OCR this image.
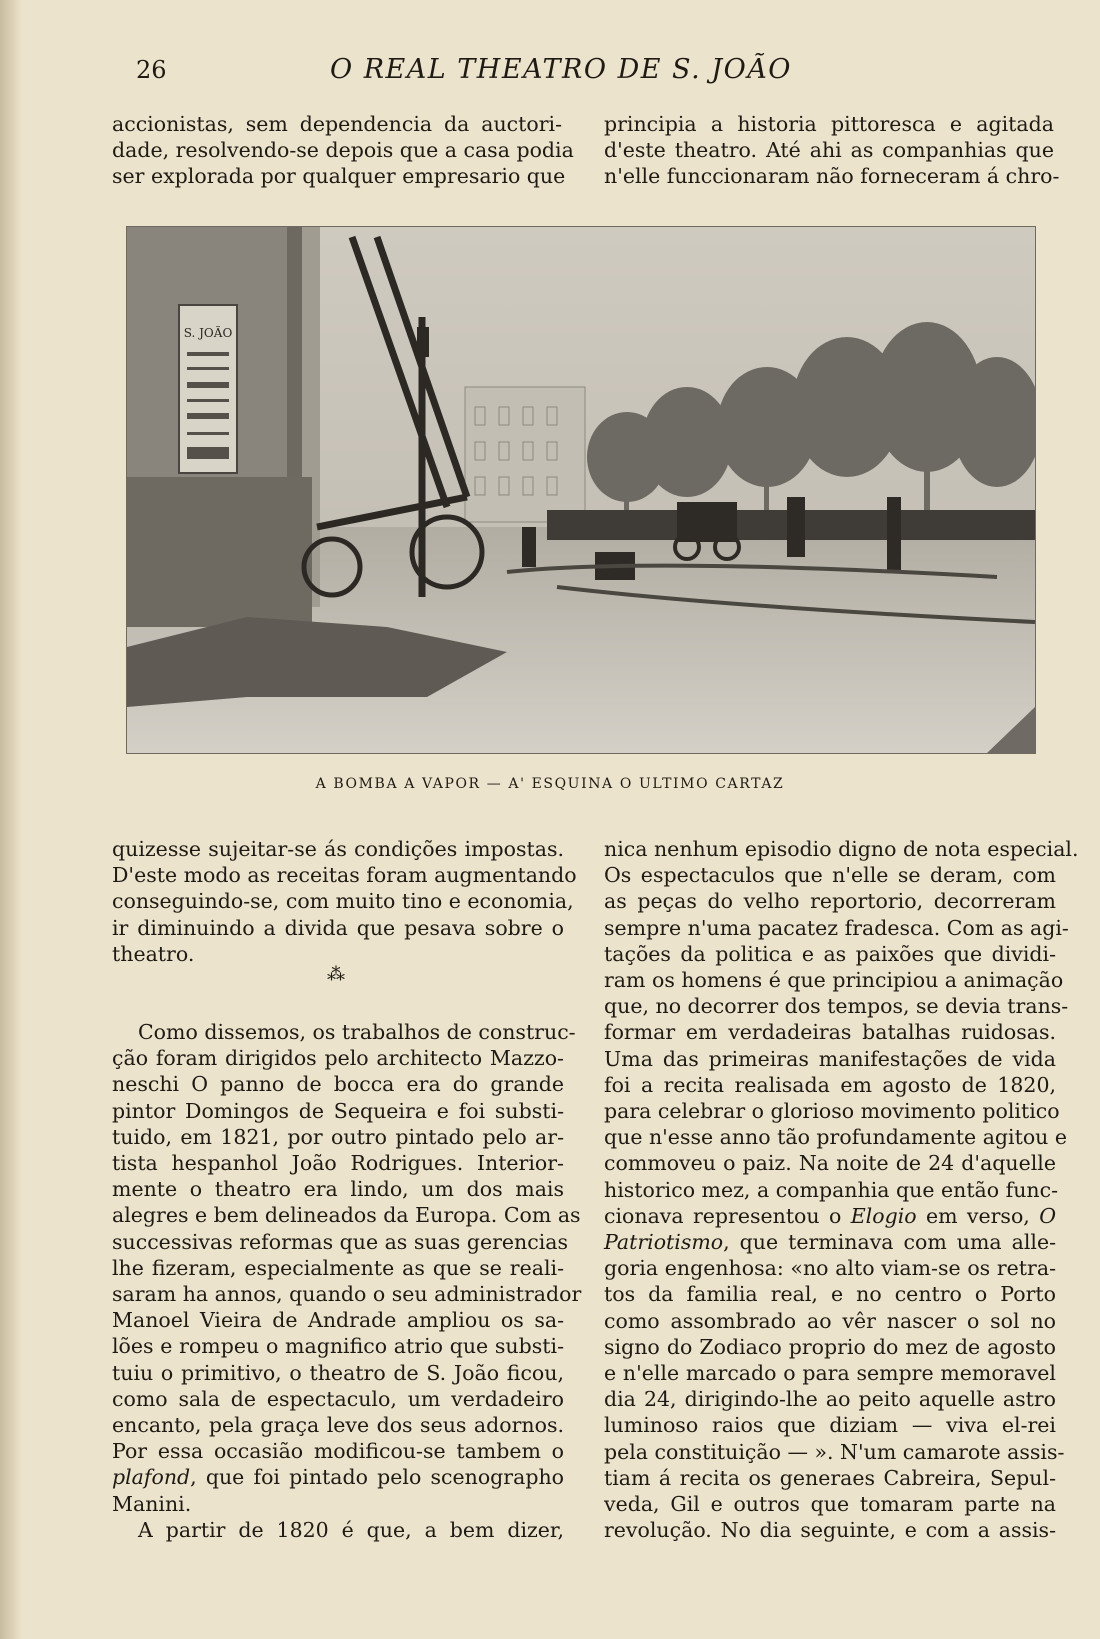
26	O REAL THEATRO DE S. JOÃO
accionistas, sem dependencia da auctori-
dade, resolvendo-se depois que a casa podia
ser explorada por qualquer empresario que
principia a historia pittoresca e agitada
d'este theatro. Até ahi as companhias que
n'elle funccionaram não forneceram á chro-
S. JOÃO
A BOMBA A VAPOR — A' ESQUINA O ULTIMO CARTAZ
quizesse sujeitar-se ás condições impostas.
D'este modo as receitas foram augmentando
conseguindo-se, com muito tino e economia,
ir diminuindo a divida que pesava sobre o
theatro.
Como dissemos, os trabalhos de construc-
ção foram dirigidos pelo architecto Mazzo-
neschi O panno de bocca era do grande
pintor Domingos de Sequeira e foi substi-
tuido, em 1821, por outro pintado pelo ar-
tista hespanhol João Rodrigues. Interior-
mente o theatro era lindo, um dos mais
alegres e bem delineados da Europa. Com as
successivas reformas que as suas gerencias
lhe fizeram, especialmente as que se reali-
saram ha annos, quando o seu administrador
Manoel Vieira de Andrade ampliou os sa-
lões e rompeu o magnifico atrio que substi-
tuiu o primitivo, o theatro de S. João ficou,
como sala de espectaculo, um verdadeiro
encanto, pela graça leve dos seus adornos.
Por essa occasião modificou-se tambem o
plafond, que foi pintado pelo scenographo
Manini.
A partir de 1820 é que, a bem dizer,
⁂
nica nenhum episodio digno de nota especial.
Os espectaculos que n'elle se deram, com
as peças do velho reportorio, decorreram
sempre n'uma pacatez fradesca. Com as agi-
tações da politica e as paixões que dividi-
ram os homens é que principiou a animação
que, no decorrer dos tempos, se devia trans-
formar em verdadeiras batalhas ruidosas.
Uma das primeiras manifestações de vida
foi a recita realisada em agosto de 1820,
para celebrar o glorioso movimento politico
que n'esse anno tão profundamente agitou e
commoveu o paiz. Na noite de 24 d'aquelle
historico mez, a companhia que então func-
cionava representou o Elogio em verso, O
Patriotismo, que terminava com uma alle-
goria engenhosa: «no alto viam-se os retra-
tos da familia real, e no centro o Porto
como assombrado ao vêr nascer o sol no
signo do Zodiaco proprio do mez de agosto
e n'elle marcado o para sempre memoravel
dia 24, dirigindo-lhe ao peito aquelle astro
luminoso raios que diziam — viva el-rei
pela constituição — ». N'um camarote assis-
tiam á recita os generaes Cabreira, Sepul-
veda, Gil e outros que tomaram parte na
revolução. No dia seguinte, e com a assis-
